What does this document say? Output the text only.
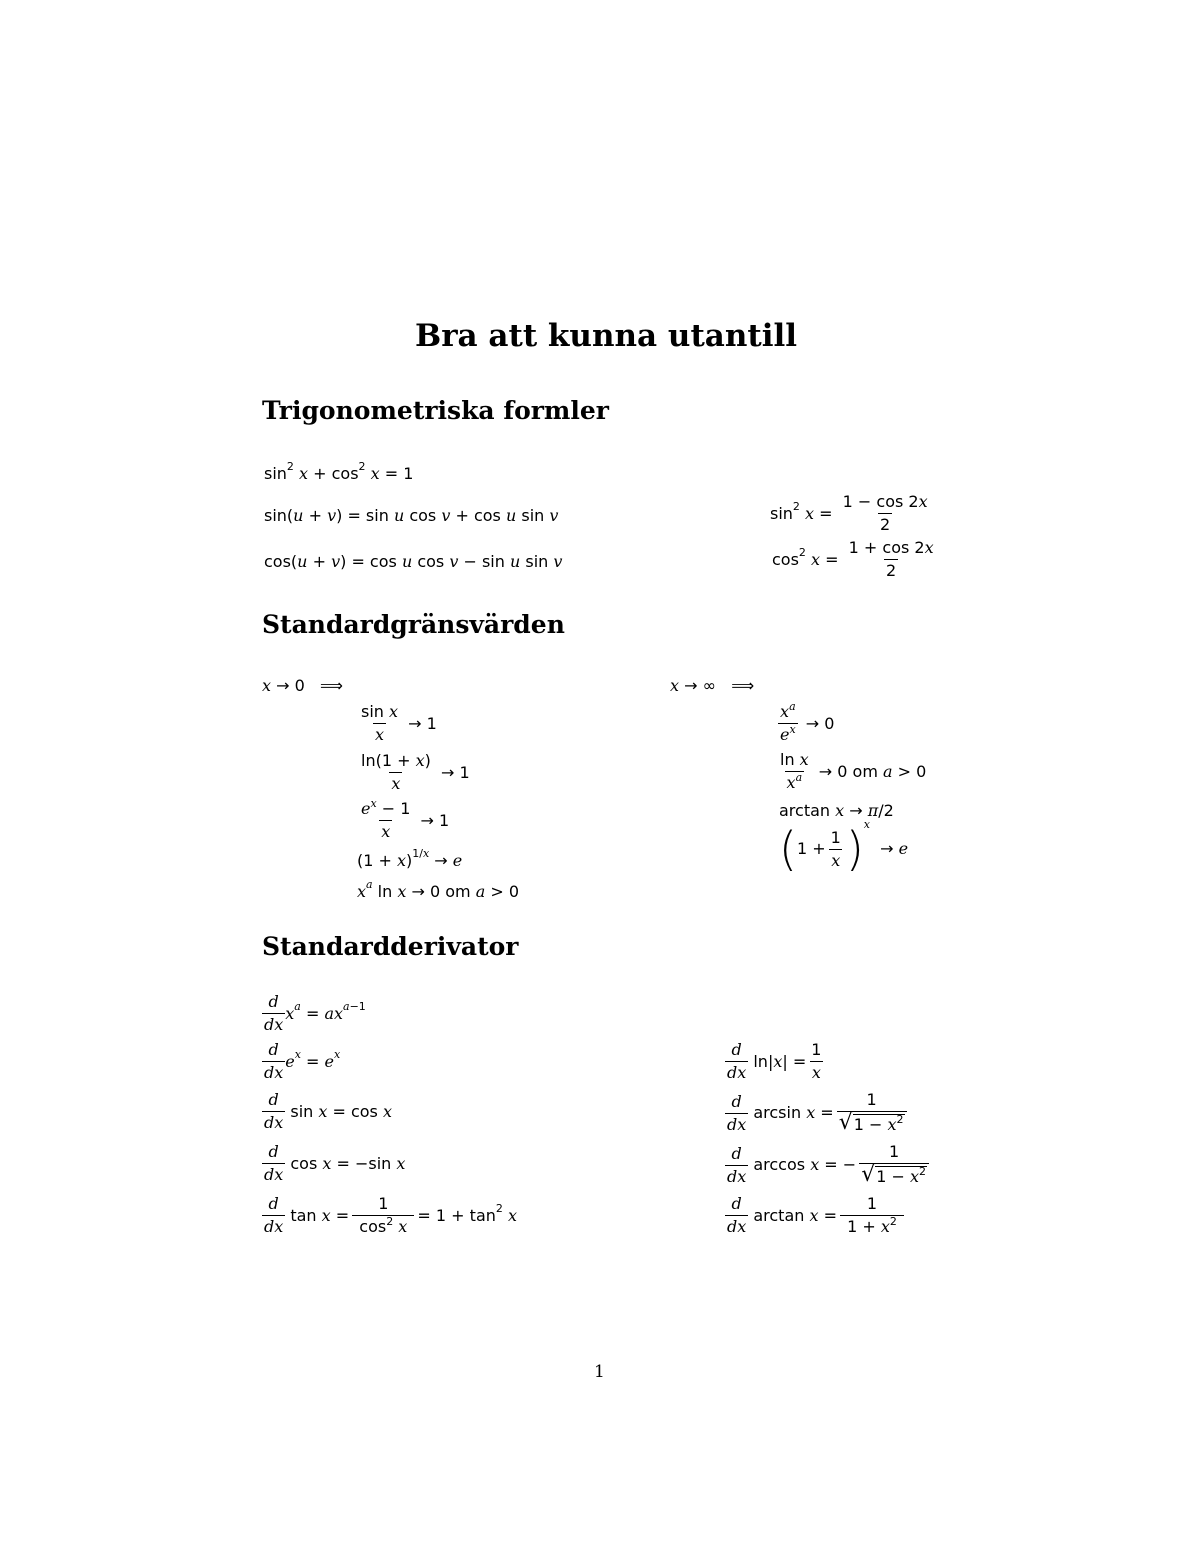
Bra att kunna utantill
Trigonometriska formler
$\sin^2$
$x + \cos^2$
x = 1
sin( u + v ) = sin u cos v + cos u sin v
cos( u + v ) = cos u cos v − sin u sin v
$\sin^2$
$x = \frac{1 - \cos 2x}{2}$
$\cos^2$
$x = \frac{1 + \cos 2x}{2}$
Standardgränsvärden
x → 0   ⟹
$\frac{\text{sin x}}{x} \to 1$
$\frac{\ln(1 + x)}{x} \to 1$
$\frac{e^x - 1}{x} \to 1$
(1 + x )$^{1/x}$ → e
x $^a$ ln x → 0 om a > 0
x → ∞   ⟹
$\frac{x^a}{e^x} \to 0$
$\frac{\text{ln x}}{x^a} \to 0$ om a > 0
arctan x → π /2
( $1 + \frac{1}{x}$ ) $^x$
→ e
Standardderivator
$\frac{d}{dx}$ x $^a$ = ax $^{a-1}$
$\frac{d}{dx}$ e $^x$ = e $^x$
$\frac{d}{dx}$ sin x = cos x
$\frac{d}{dx}$ cos x = −sin x
$\frac{d}{dx}$ $\tan x = \frac{1}{\cos^2 x} = 1 + \tan^2$
x
$\frac{d}{dx} \ln|$ x | = $\frac{1}{x}$
$\frac{d}{dx}$ $\arcsin x = \frac{1}{√ 1 - x^2}$
$\frac{d}{dx}$ arccos x = − $\frac{1}{√ 1 - x^2}$
$\frac{d}{dx}$ $\arctan x = \frac{1}{1 + x^2}$
1
